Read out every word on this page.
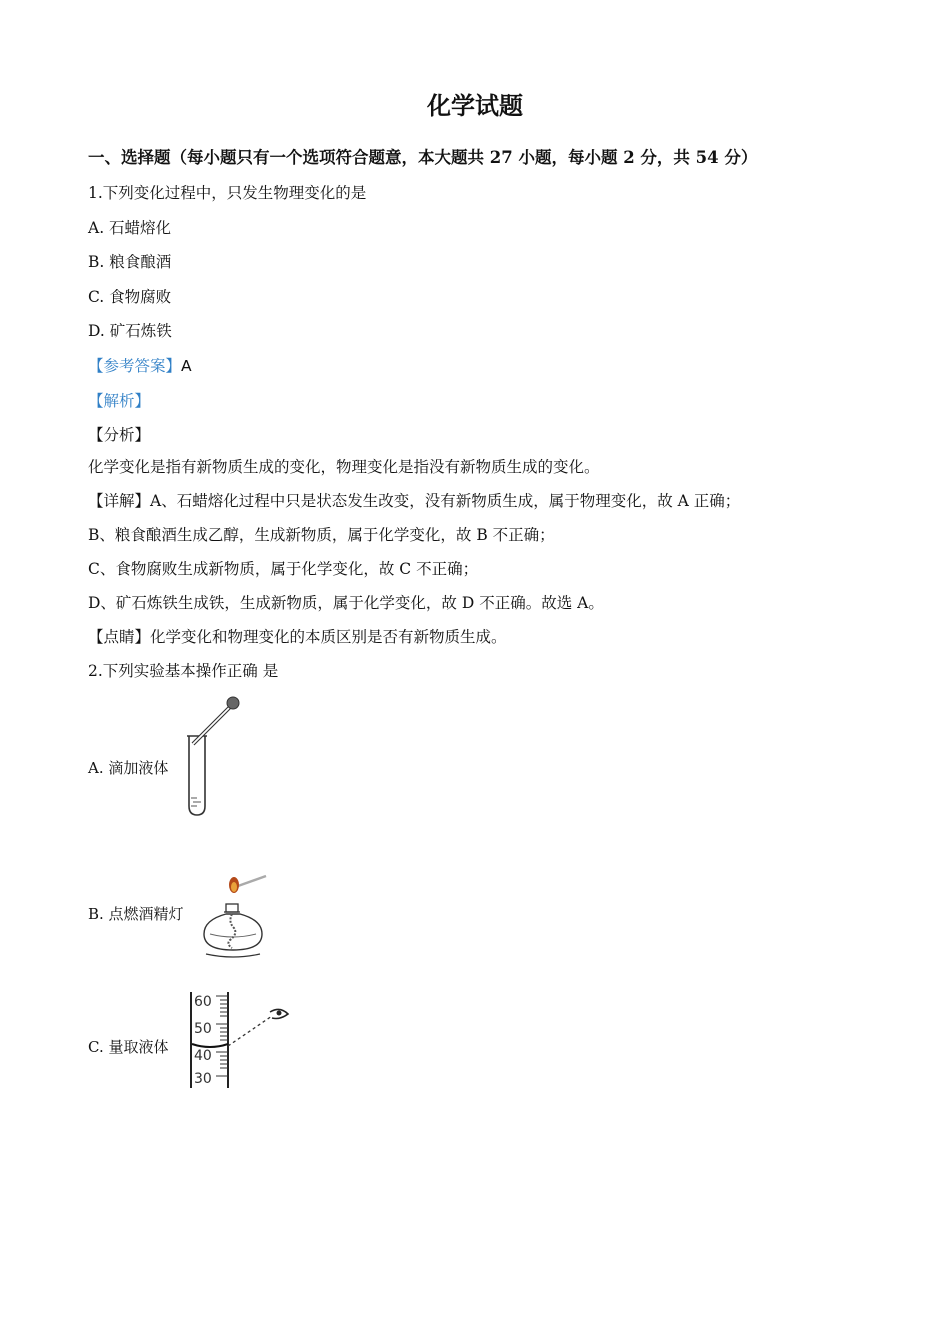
化学试题
一、选择题（每小题只有一个选项符合题意，本大题共 27 小题，每小题 2 分，共 54 分）
1.下列变化过程中，只发生物理变化的是
A. 石蜡熔化
B. 粮食酿酒
C. 食物腐败
D. 矿石炼铁
【参考答案】A
【解析】
【分析】
化学变化是指有新物质生成的变化，物理变化是指没有新物质生成的变化。
【详解】A、石蜡熔化过程中只是状态发生改变，没有新物质生成，属于物理变化，故 A 正确；
B、粮食酿酒生成乙醇，生成新物质，属于化学变化，故 B 不正确；
C、食物腐败生成新物质，属于化学变化，故 C 不正确；
D、矿石炼铁生成铁，生成新物质，属于化学变化，故 D 不正确。故选 A。
【点睛】化学变化和物理变化的本质区别是否有新物质生成。
2.下列实验基本操作正确 是
A. 滴加液体
B. 点燃酒精灯
C. 量取液体
60
50
40
30
